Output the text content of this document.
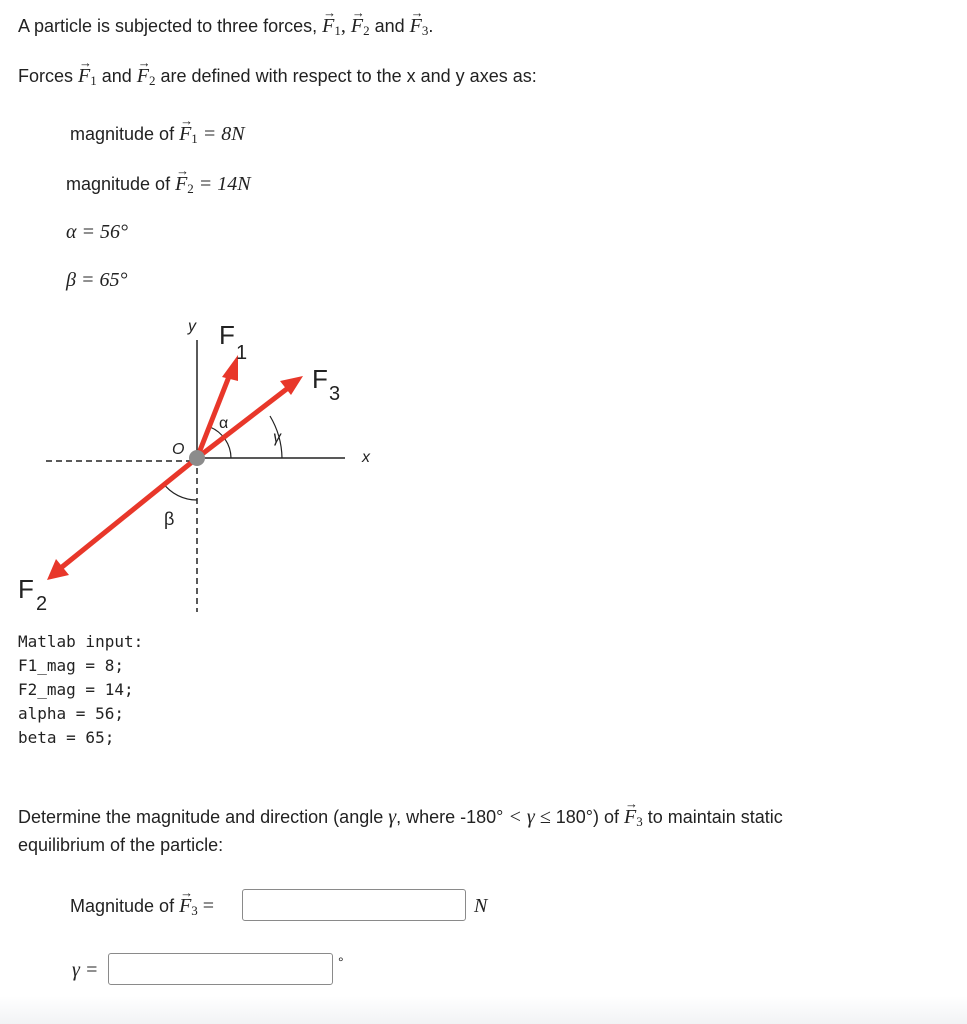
A particle is subjected to three forces, → $F_1$, → $F_2$ and → $F_3$.
Forces → $F_1$ and → $F_2$ are defined with respect to the x and y axes as:
magnitude of → $F_1 = 8N$
magnitude of → $F_2 = 14N$
α = 56°
β = 65°
y
x
O
α
γ
β
F
1
F 3
F 2
Matlab input:
F1_mag = 8;
F2_mag = 14;
alpha = 56;
beta = 65;
Determine the magnitude and direction (angle γ, where -180° < γ ≤ 180°) of → $F_3$ to maintain static
equilibrium of the particle:
Magnitude of → $F_3$ =	N
γ =	°
